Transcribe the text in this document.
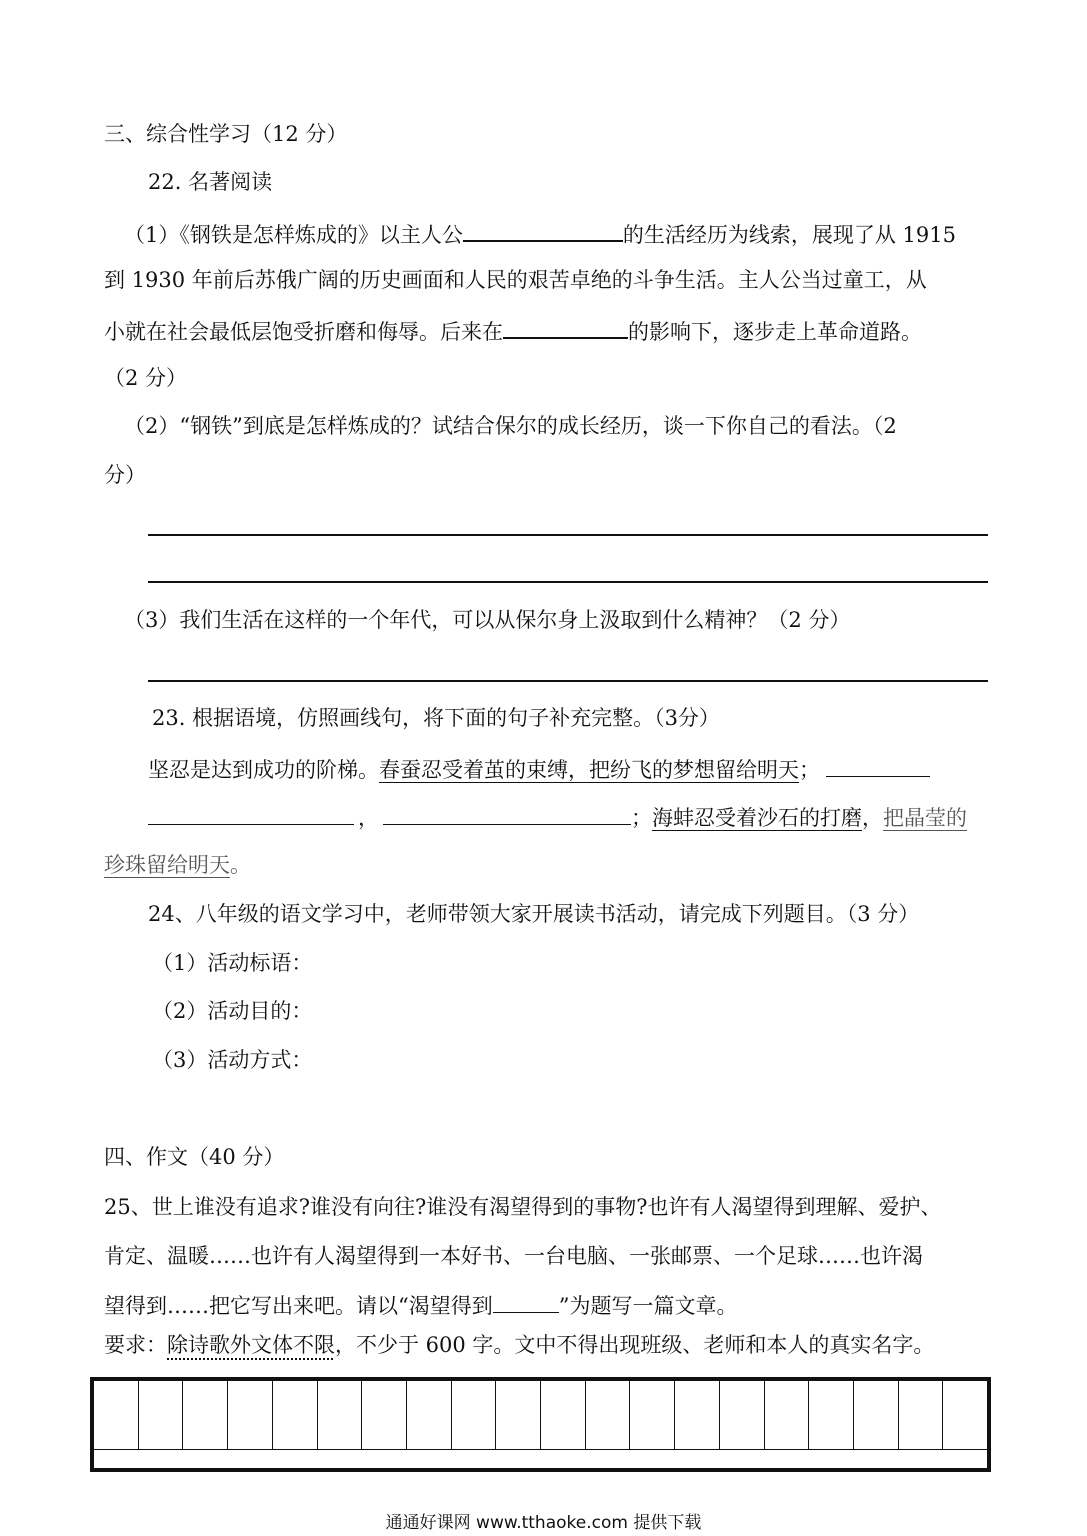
三、综合性学习（12 分）
22. 名著阅读
（1）《钢铁是怎样炼成的》以主人公	的生活经历为线索，展现了从 1915
到 1930 年前后苏俄广阔的历史画面和人民的艰苦卓绝的斗争生活。主人公当过童工，从
小就在社会最低层饱受折磨和侮辱。后来在	的影响下，逐步走上革命道路。
（2 分）
（2）“钢铁”到底是怎样炼成的？试结合保尔的成长经历，谈一下你自己的看法。（2
分）
（3）我们生活在这样的一个年代，可以从保尔身上汲取到什么精神？（2 分）
23. 根据语境，仿照画线句，将下面的句子补充完整。（3分）
坚忍是达到成功的阶梯。春蚕忍受着茧的束缚，把纷飞的梦想留给明天；
，	；海蚌忍受着沙石的打磨，把晶莹的
珍珠留给明天。
24、八年级的语文学习中，老师带领大家开展读书活动，请完成下列题目。（3 分）
（1）活动标语：
（2）活动目的：
（3）活动方式：
四、作文（40 分）
25、世上谁没有追求?谁没有向往?谁没有渴望得到的事物?也许有人渴望得到理解、爱护、
肯定、温暖……也许有人渴望得到一本好书、一台电脑、一张邮票、一个足球……也许渴
望得到……把它写出来吧。请以“渴望得到	”为题写一篇文章。
要求：除诗歌外文体不限，不少于 600 字。文中不得出现班级、老师和本人的真实名字。
通通好课网 www.tthaoke.com 提供下载
